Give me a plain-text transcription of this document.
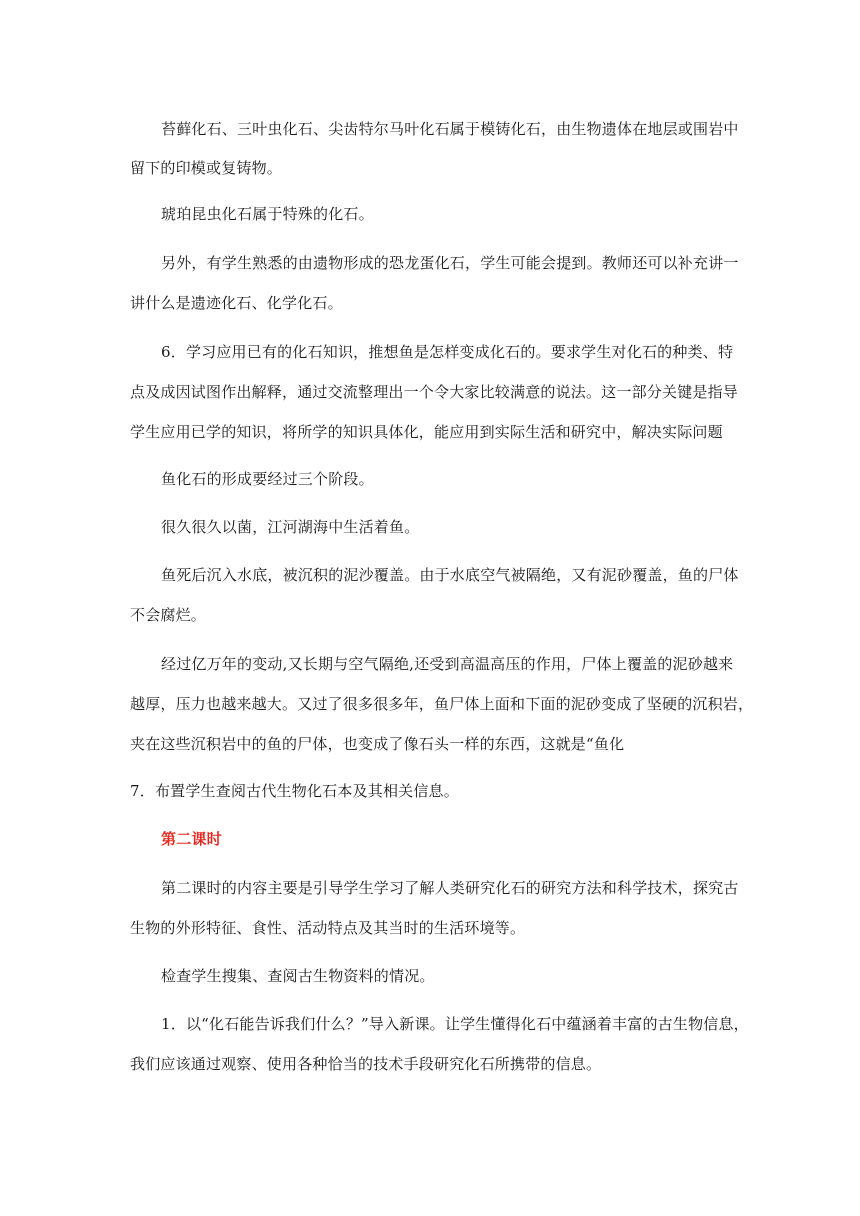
苔藓化石、三叶虫化石、尖齿特尔马叶化石属于模铸化石，由生物遗体在地层或围岩中
留下的印模或复铸物。
琥珀昆虫化石属于特殊的化石。
另外，有学生熟悉的由遗物形成的恐龙蛋化石，学生可能会提到。教师还可以补充讲一
讲什么是遗迹化石、化学化石。
6．学习应用已有的化石知识，推想鱼是怎样变成化石的。要求学生对化石的种类、特
点及成因试图作出解释，通过交流整理出一个令大家比较满意的说法。这一部分关键是指导
学生应用已学的知识，将所学的知识具体化，能应用到实际生活和研究中，解决实际问题
鱼化石的形成要经过三个阶段。
很久很久以菌，江河湖海中生活着鱼。
鱼死后沉入水底，被沉积的泥沙覆盖。由于水底空气被隔绝，又有泥砂覆盖，鱼的尸体
不会腐烂。
经过亿万年的变动,又长期与空气隔绝,还受到高温高压的作用，尸体上覆盖的泥砂越来
越厚，压力也越来越大。又过了很多很多年，鱼尸体上面和下面的泥砂变成了坚硬的沉积岩，
夹在这些沉积岩中的鱼的尸体，也变成了像石头一样的东西，这就是“鱼化
7．布置学生查阅古代生物化石本及其相关信息。
第二课时
第二课时的内容主要是引导学生学习了解人类研究化石的研究方法和科学技术，探究古
生物的外形特征、食性、活动特点及其当时的生活环境等。
检查学生搜集、查阅古生物资料的情况。
1．以“化石能告诉我们什么？”导入新课。让学生懂得化石中蕴涵着丰富的古生物信息，
我们应该通过观察、使用各种恰当的技术手段研究化石所携带的信息。
